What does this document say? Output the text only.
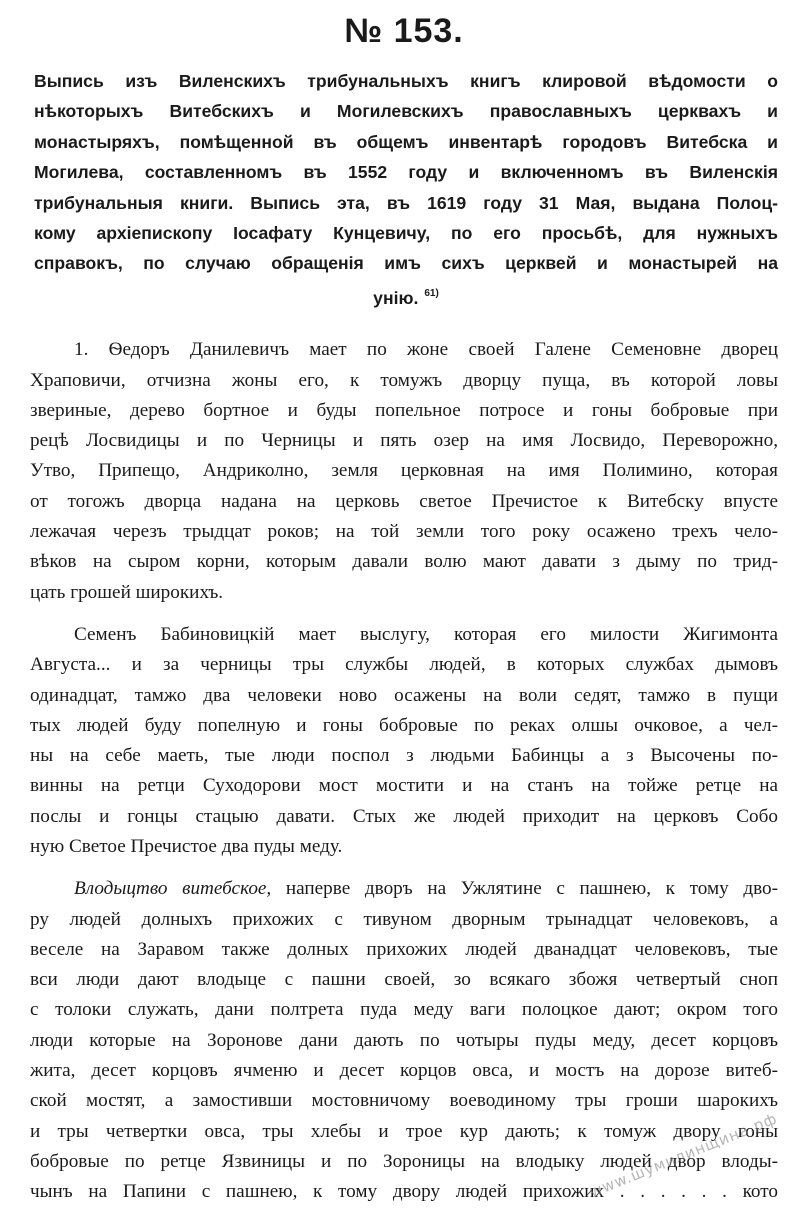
№ 153.
Выпись изъ Виленскихъ трибунальныхъ книгъ клировой вѣдомости о
нѣкоторыхъ Витебскихъ и Могилевскихъ православныхъ церквахъ и
монастыряхъ, помѣщенной въ общемъ инвентарѣ городовъ Витебска и
Могилева, составленномъ въ 1552 году и включенномъ въ Виленскія
трибунальныя книги. Выпись эта, въ 1619 году 31 Мая, выдана Полоц-
кому архіепископу Іосафату Кунцевичу, по его просьбѣ, для нужныхъ
справокъ, по случаю обращенія имъ сихъ церквей и монастырей на
унію. $^{61)}$
1. Ѳедоръ Данилевичъ мает по жоне своей Галене Семеновне дворец
Храповичи, отчизна жоны его, к томужъ дворцу пуща, въ которой ловы
звериные, дерево бортное и буды попельное потросе и гоны бобровые при
рецѣ Лосвидицы и по Черницы и пять озер на имя Лосвидо, Переворожно,
Утво, Припещо, Андриколно, земля церковная на имя Полимино, которая
от тогожъ дворца надана на церковь светое Пречистое к Витебску впусте
лежачая черезъ трыдцат роков; на той земли того року осажено трехъ чело-
вѣков на сыром корни, которым давали волю мают давати з дыму по трид-
цать грошей широкихъ.
Семенъ Бабиновицкій мает выслугу, которая его милости Жигимонта
Августа... и за черницы тры службы людей, в которых службах дымовъ
одинадцат, тамжо два человеки ново осажены на воли седят, тамжо в пущи
тых людей буду попелную и гоны бобровые по реках олшы очковое, а чел-
ны на себе маеть, тые люди поспол з людьми Бабинцы а з Высочены по-
винны на ретци Суходорови мост мостити и на станъ на тойже ретце на
послы и гонцы стацыю давати. Стых же людей приходит на церковъ Собо
ную Светое Пречистое два пуды меду.
Влодыцтво витебское, наперве дворъ на Ужлятине с пашнею, к тому дво-
ру людей долныхъ прихожих с тивуном дворным трынадцат человековъ, а
веселе на Заравом также долных прихожих людей дванадцат человековъ, тые
вси люди дают влодыце с пашни своей, зо всякаго збожя четвертый сноп
с толоки служать, дани полтрета пуда меду ваги полоцкое дают; окром того
люди которые на Зоронове дани дають по чотыры пуды меду, десет корцовъ
жита, десет корцовъ ячменю и десет корцов овса, и мостъ на дорозе витеб-
ской мостят, а замостивши мостовничому воеводиному тры гроши шарокихъ
и тры четвертки овса, тры хлебы и трое кур дають; к томуж двору гоны
бобровые по ретце Язвиницы и по Зороницы на влодыку людей двор влоды-
чынъ на Папини с пашнею, к тому двору людей прихожих . . . . . . кото
www.шумилинщина.рф
